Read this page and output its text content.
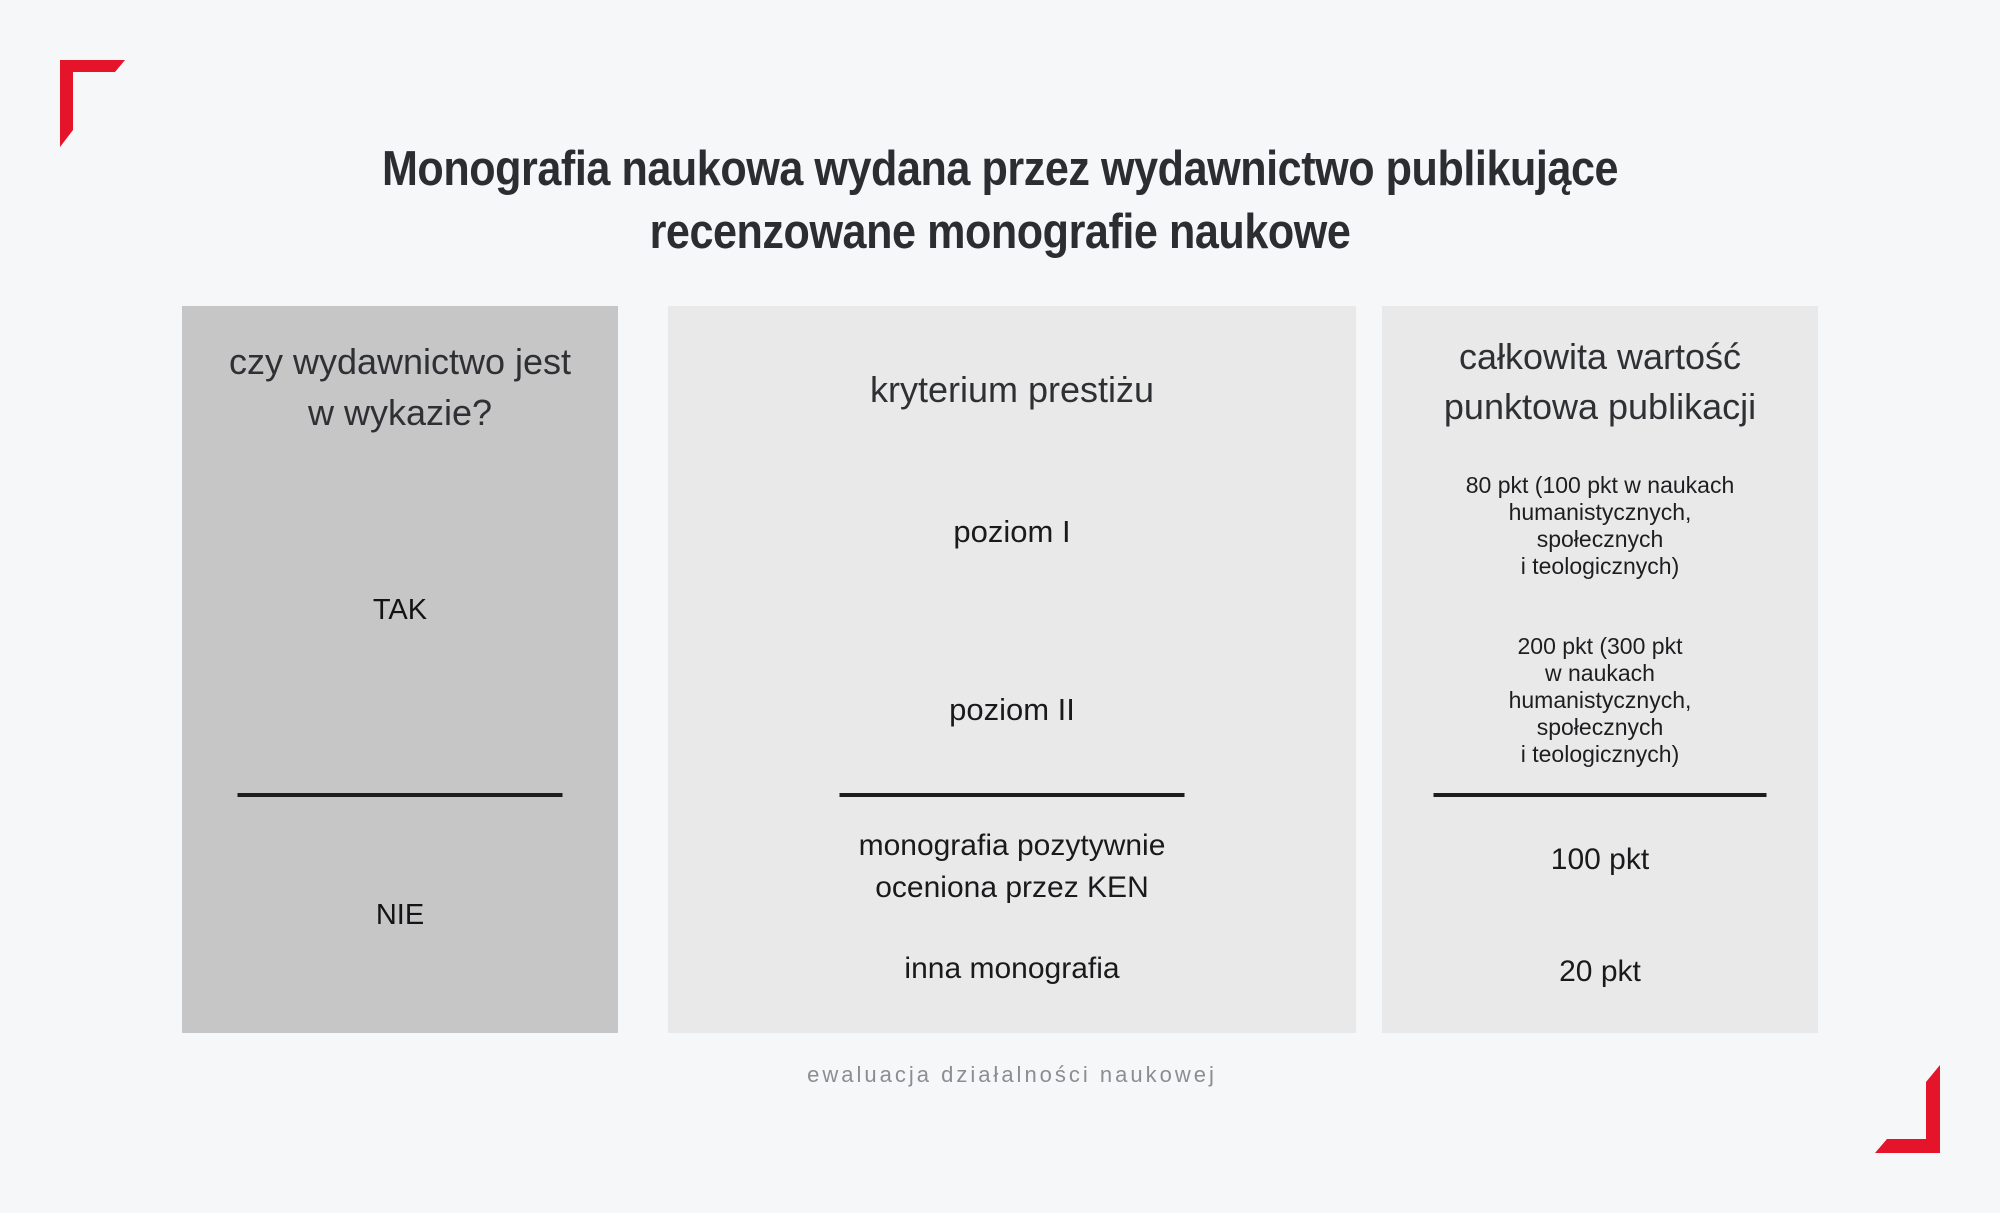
Monografia naukowa wydana przez wydawnictwo publikujące
recenzowane monografie naukowe
czy wydawnictwo jest
w wykazie?
TAK
NIE
kryterium prestiżu
poziom I
poziom II
monografia pozytywnie
oceniona przez KEN
inna monografia
całkowita wartość
punktowa publikacji
80 pkt (100 pkt w naukach
humanistycznych,
społecznych
i teologicznych)
200 pkt (300 pkt
w naukach
humanistycznych,
społecznych
i teologicznych)
100 pkt
20 pkt
ewaluacja działalności naukowej
